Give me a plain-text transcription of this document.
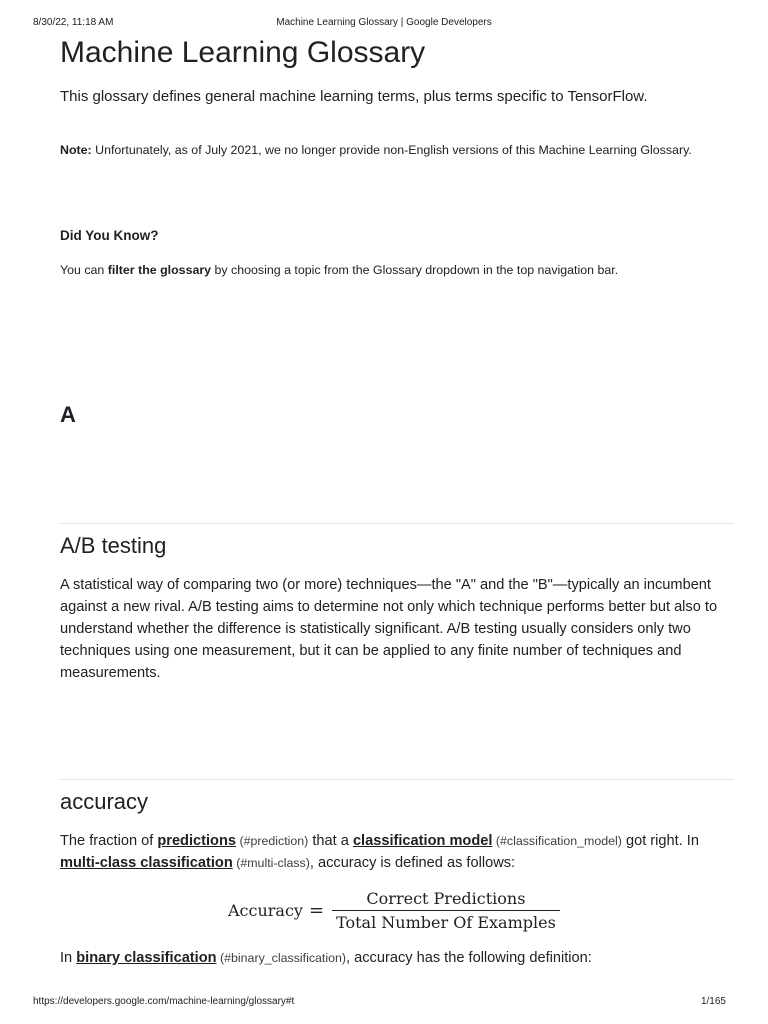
8/30/22, 11:18 AM	Machine Learning Glossary | Google Developers
Machine Learning Glossary
This glossary defines general machine learning terms, plus terms specific to TensorFlow.
Note: Unfortunately, as of July 2021, we no longer provide non-English versions of this Machine Learning Glossary.
Did You Know?
You can filter the glossary by choosing a topic from the Glossary dropdown in the top navigation bar.
A
A/B testing
A statistical way of comparing two (or more) techniques—the "A" and the "B"—typically an incumbent against a new rival. A/B testing aims to determine not only which technique performs better but also to understand whether the difference is statistically significant. A/B testing usually considers only two techniques using one measurement, but it can be applied to any finite number of techniques and measurements.
accuracy
The fraction of predictions (#prediction) that a classification model (#classification_model) got right. In multi-class classification (#multi-class), accuracy is defined as follows:
Accuracy = $\frac{\text{Correct Predictions}}{\text{Total Number Of Examples}}$
In binary classification (#binary_classification), accuracy has the following definition:
https://developers.google.com/machine-learning/glossary#t	1/165
